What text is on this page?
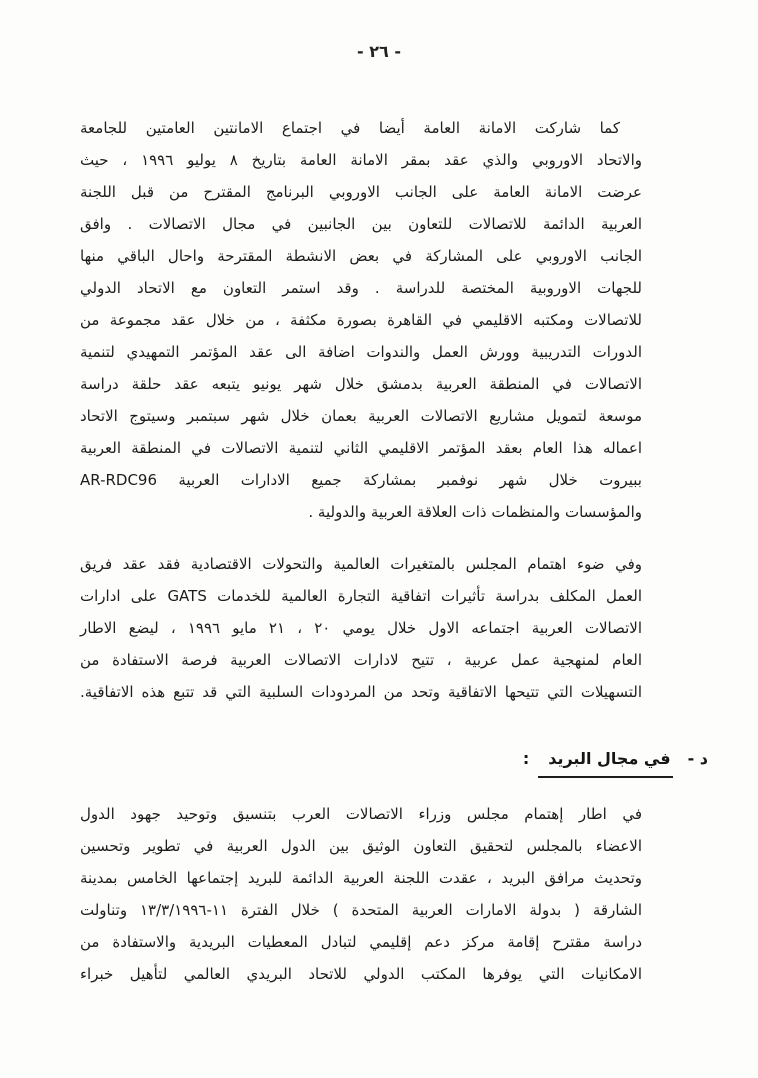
- ٢٦ -
كما شاركت الامانة العامة أيضا في اجتماع الامانتين العامتين للجامعة
والاتحاد الاوروبي والذي عقد بمقر الامانة العامة بتاريخ ٨ يوليو ١٩٩٦ ، حيث
عرضت الامانة العامة على الجانب الاوروبي البرنامج المقترح من قبل اللجنة
العربية الدائمة للاتصالات للتعاون بين الجانبين في مجال الاتصالات . وافق
الجانب الاوروبي على المشاركة في بعض الانشطة المقترحة واحال الباقي منها
للجهات الاوروبية المختصة للدراسة . وقد استمر التعاون مع الاتحاد الدولي
للاتصالات ومكتبه الاقليمي في القاهرة بصورة مكثفة ، من خلال عقد مجموعة من
الدورات التدريبية وورش العمل والندوات اضافة الى عقد المؤتمر التمهيدي لتنمية
الاتصالات في المنطقة العربية بدمشق خلال شهر يونيو يتبعه عقد حلقة دراسة
موسعة لتمويل مشاريع الاتصالات العربية بعمان خلال شهر سبتمبر وسيتوج الاتحاد
اعماله هذا العام بعقد المؤتمر الاقليمي الثاني لتنمية الاتصالات في المنطقة العربية
ببيروت خلال شهر نوفمبر بمشاركة جميع الادارات العربية AR-RDC96
والمؤسسات والمنظمات ذات العلاقة العربية والدولية .
وفي ضوء اهتمام المجلس بالمتغيرات العالمية والتحولات الاقتصادية فقد عقد فريق
العمل المكلف بدراسة تأثيرات اتفاقية التجارة العالمية للخدمات GATS على ادارات
الاتصالات العربية اجتماعه الاول خلال يومي ٢٠ ، ٢١ مايو ١٩٩٦ ، ليضع الاطار
العام لمنهجية عمل عربية ، تتيح لادارات الاتصالات العربية فرصة الاستفادة من
التسهيلات التي تتيحها الاتفاقية وتحد من المردودات السلبية التي قد تتبع هذه الاتفاقية.
د -
في مجال البريد
:
في اطار إهتمام مجلس وزراء الاتصالات العرب بتنسيق وتوحيد جهود الدول
الاعضاء بالمجلس لتحقيق التعاون الوثيق بين الدول العربية في تطوير وتحسين
وتحديث مرافق البريد ، عقدت اللجنة العربية الدائمة للبريد إجتماعها الخامس بمدينة
الشارقة ( بدولة الامارات العربية المتحدة ) خلال الفترة ١١-١٣/٣/١٩٩٦ وتناولت
دراسة مقترح إقامة مركز دعم إقليمي لتبادل المعطيات البريدية والاستفادة من
الامكانيات التي يوفرها المكتب الدولي للاتحاد البريدي العالمي لتأهيل خبراء
